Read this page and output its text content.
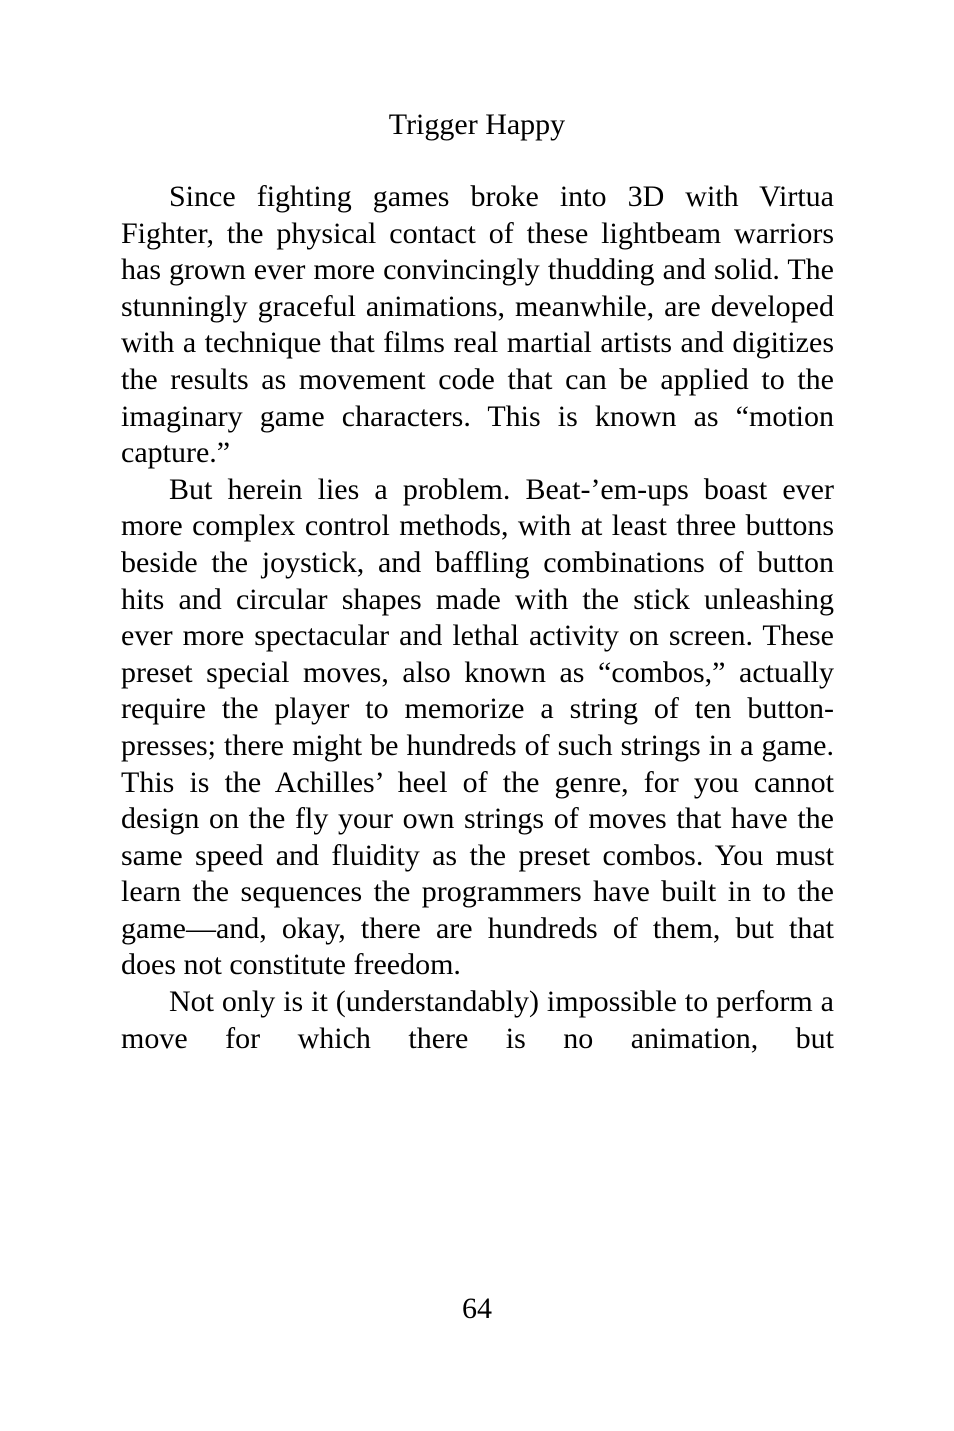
Trigger Happy

Since fighting games broke into 3D with Virtua Fighter, the physical contact of these lightbeam warriors has grown ever more convincingly thudding and solid. The stunningly graceful animations, meanwhile, are developed with a technique that films real martial artists and digitizes the results as movement code that can be applied to the imaginary game characters. This is known as “motion capture.”

But herein lies a problem. Beat-’em-ups boast ever more complex control methods, with at least three buttons beside the joystick, and baffling combinations of button hits and circular shapes made with the stick unleashing ever more spectacular and lethal activity on screen. These preset special moves, also known as “combos,” actually require the player to memorize a string of ten button-presses; there might be hundreds of such strings in a game. This is the Achilles’ heel of the genre, for you cannot design on the fly your own strings of moves that have the same speed and fluidity as the preset combos. You must learn the sequences the programmers have built in to the game—and, okay, there are hundreds of them, but that does not constitute freedom.

Not only is it (understandably) impossible to perform a move for which there is no animation, but

64
